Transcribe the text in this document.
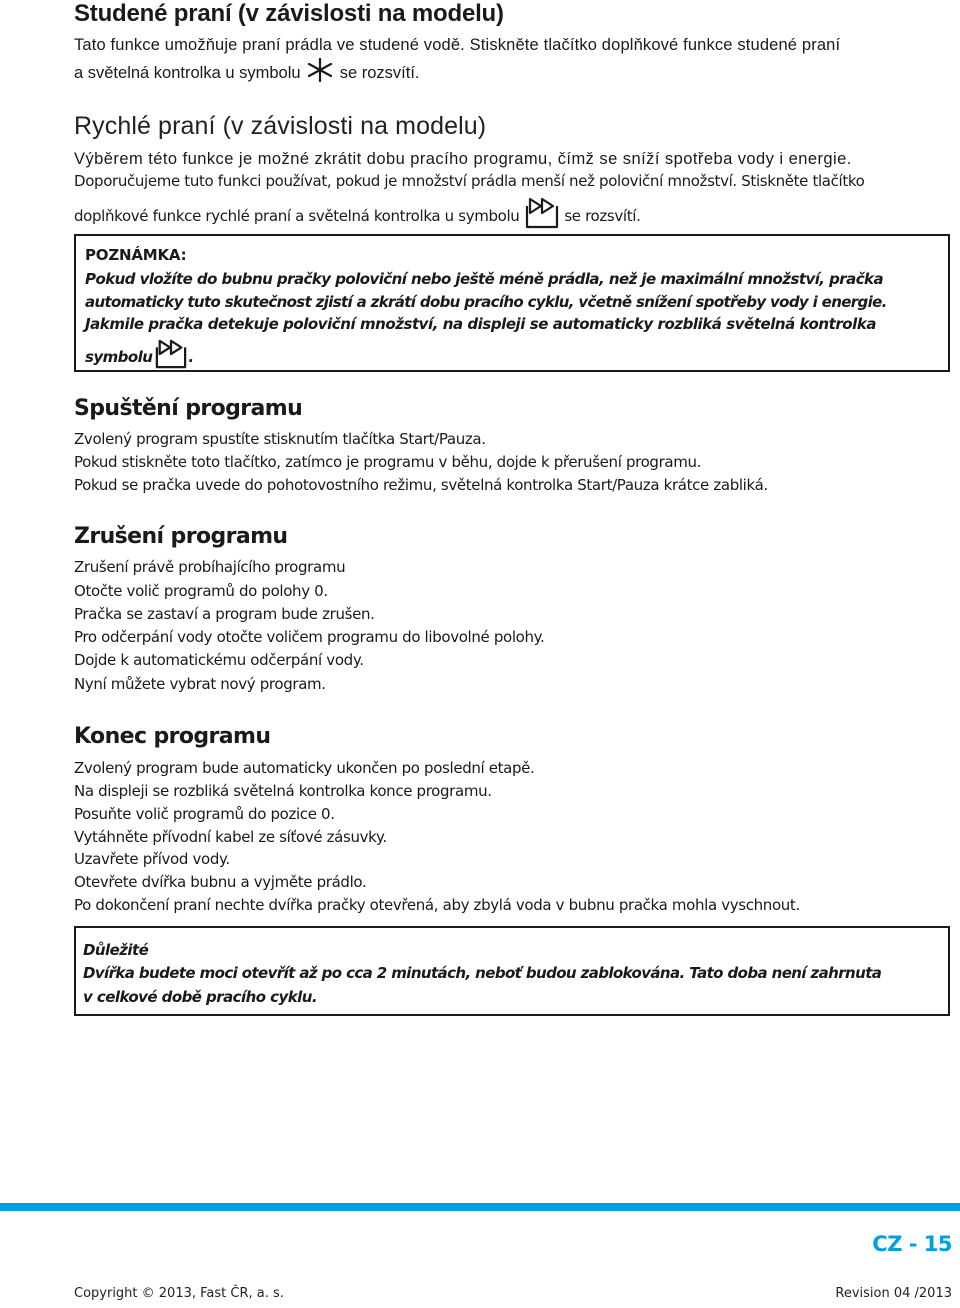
Studené praní (v závislosti na modelu)

Tato funkce umožňuje praní prádla ve studené vodě. Stiskněte tlačítko doplňkové funkce studené praní

a světelná kontrolka u symbolu se rozsvítí.

Rychlé praní (v závislosti na modelu)

Výběrem této funkce je možné zkrátit dobu pracího programu, čímž se sníží spotřeba vody i energie.

Doporučujeme tuto funkci používat, pokud je množství prádla menší než poloviční množství. Stiskněte tlačítko

doplňkové funkce rychlé praní a světelná kontrolka u symbolu	se rozsvítí.

POZNÁMKA:

Pokud vložíte do bubnu pračky poloviční nebo ještě méně prádla, než je maximální množství, pračka

automaticky tuto skutečnost zjistí a zkrátí dobu pracího cyklu, včetně snížení spotřeby vody i energie.

Jakmile pračka detekuje poloviční množství, na displeji se automaticky rozbliká světelná kontrolka

symbolu .

Spuštění programu

Zvolený program spustíte stisknutím tlačítka Start/Pauza.

Pokud stiskněte toto tlačítko, zatímco je programu v běhu, dojde k přerušení programu.

Pokud se pračka uvede do pohotovostního režimu, světelná kontrolka Start/Pauza krátce zabliká.

Zrušení programu

Zrušení právě probíhajícího programu

Otočte volič programů do polohy 0.

Pračka se zastaví a program bude zrušen.

Pro odčerpání vody otočte voličem programu do libovolné polohy.

Dojde k automatickému odčerpání vody.

Nyní můžete vybrat nový program.

Konec programu

Zvolený program bude automaticky ukončen po poslední etapě.

Na displeji se rozbliká světelná kontrolka konce programu.

Posuňte volič programů do pozice 0.

Vytáhněte přívodní kabel ze síťové zásuvky.

Uzavřete přívod vody.

Otevřete dvířka bubnu a vyjměte prádlo.

Po dokončení praní nechte dvířka pračky otevřená, aby zbylá voda v bubnu pračka mohla vyschnout.

Důležité

Dvířka budete moci otevřít až po cca 2 minutách, neboť budou zablokována. Tato doba není zahrnuta

v celkové době pracího cyklu.

CZ - 15
Copyright © 2013, Fast ČR, a. s.	Revision 04 /2013
